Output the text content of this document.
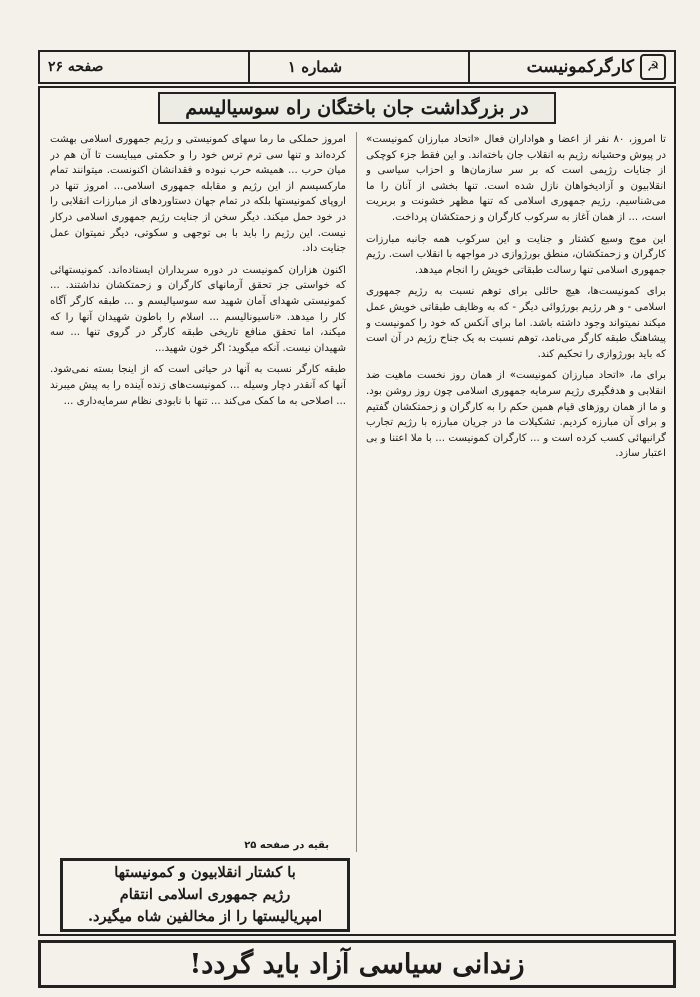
☭
کارگرکمونیست
شماره ۱
صفحه ۲۶
در بزرگداشت جان باختگان راه سوسیالیسم

تا امروز، ۸۰ نفر از اعضا و هواداران فعال «اتحاد مبارزان کمونیست» در پیوش وحشیانه رژیم به انقلاب جان باخته‌اند. و این فقط جزء کوچکی از جنایات رژیمی است که بر سر سازمان‌ها و احزاب سیاسی و انقلابیون و آزادیخواهان نازل شده است. تنها بخشی از آنان را ما می‌شناسیم. رژیم جمهوری اسلامی که تنها مظهر خشونت و بربریت است، ... از همان آغاز به سرکوب کارگران و زحمتکشان پرداخت.

این موج وسیع کشتار و جنایت و این سرکوب همه جانبه مبارزات کارگران و زحمتکشان، منطق بورژوازی در مواجهه با انقلاب است. رژیم جمهوری اسلامی تنها رسالت طبقاتی خویش را انجام میدهد.

برای کمونیست‌ها، هیچ حائلی برای توهم نسبت به رژیم جمهوری اسلامی - و هر رژیم بورژوائی دیگر - که به وظایف طبقاتی خویش عمل میکند نمیتواند وجود داشته باشد. اما برای آنکس که خود را کمونیست و پیشاهنگ طبقه کارگر می‌نامد، توهم نسبت به یک جناح رژیم در آن است که باید بورژوازی را تحکیم کند.

برای ما، «اتحاد مبارزان کمونیست» از همان روز نخست ماهیت ضد انقلابی و هدفگیری رژیم سرمایه جمهوری اسلامی چون روز روشن بود. و ما از همان روزهای قیام همین حکم را به کارگران و زحمتکشان گفتیم و برای آن مبارزه کردیم. تشکیلات ما در جریان مبارزه با رژیم تجارب گرانبهائی کسب کرده است و ... کارگران کمونیست ... با ملا اعتنا و بی اعتبار سازد.

امروز حملکی ما رما سهای کمونیستی و رژیم جمهوری اسلامی بهشت کرده‌اند و تنها سی ترم ترس خود را و حکمتی میبایست تا آن هم در میان حرب ... همیشه حرب نبوده و فقدانشان اکنونست. میتوانند تمام مارکسیسم از این رژیم و مقابله جمهوری اسلامی... امروز تنها در اروپای کمونیستها بلکه در تمام جهان دستاوردهای از مبارزات انقلابی را در خود حمل میکند. دیگر سخن از جنایت رژیم جمهوری اسلامی درکار نیست. این رژیم را باید با بی توجهی و سکوتی، دیگر نمیتوان عمل جنایت داد.

اکنون هزاران کمونیست در دوره سربداران ایستاده‌اند. کمونیستهائی که خواستی جز تحقق آرمانهای کارگران و زحمتکشان نداشتند. ... کمونیستی شهدای آمان شهید سه سوسیالیسم و ... طبقه کارگر آگاه کار را میدهد. «ناسیونالیسم ... اسلام را باطون شهیدان آنها را که میکند، اما تحقق منافع تاریخی طبقه کارگر در گروی تنها ... سه شهیدان نیست. آنکه میگوید: اگر خون شهید...

طبقه کارگر نسبت به آنها در حیاتی است که از اینجا بسته نمی‌شود. آنها که آنقدر دچار وسیله ... کمونیست‌های زنده آینده را به پیش میبرند ... اصلاحی به ما کمک می‌کند ... تنها با نابودی نظام سرمایه‌داری ...

بقیه در صفحه ۲۵
با کشتار انقلابیون و کمونیستها
رژیم جمهوری اسلامی انتقام
امپریالیستها را از مخالفین شاه میگیرد.
زندانی سیاسی آزاد باید گردد!
